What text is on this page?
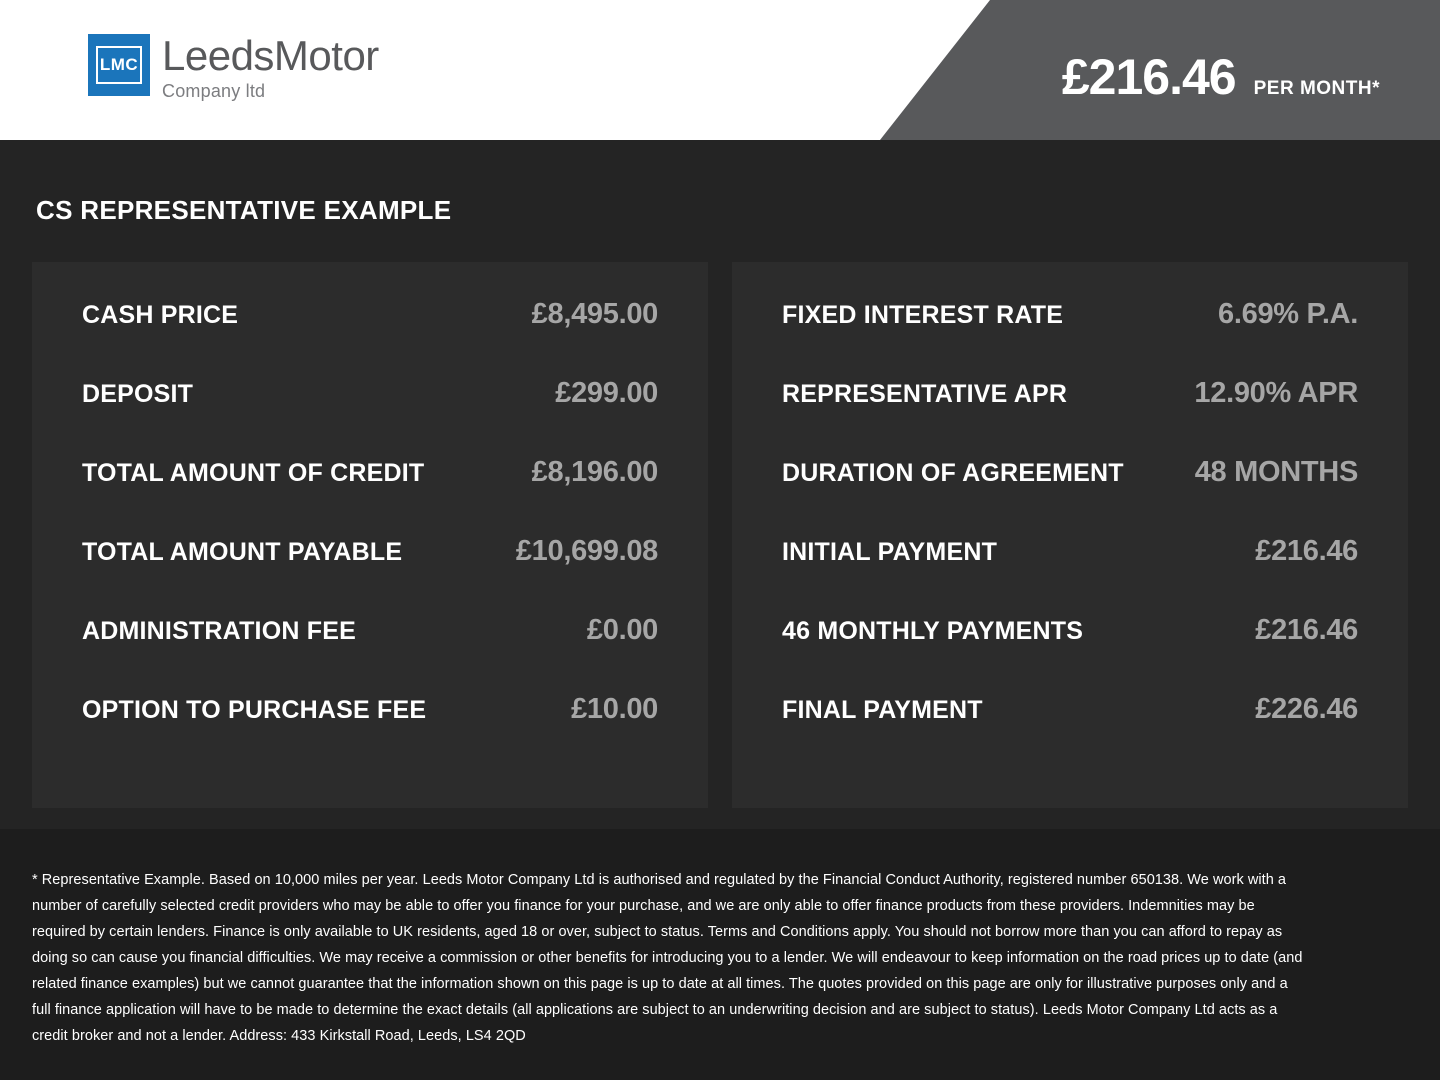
LMC LeedsMotor
Company ltd	£216.46 PER MONTH*
CS REPRESENTATIVE EXAMPLE
CASH PRICE	£8,495.00
DEPOSIT	£299.00
TOTAL AMOUNT OF CREDIT	£8,196.00
TOTAL AMOUNT PAYABLE	£10,699.08
ADMINISTRATION FEE	£0.00
OPTION TO PURCHASE FEE	£10.00
FIXED INTEREST RATE	6.69% P.A.
REPRESENTATIVE APR	12.90% APR
DURATION OF AGREEMENT 48 MONTHS
INITIAL PAYMENT	£216.46
46 MONTHLY PAYMENTS	£216.46
FINAL PAYMENT	£226.46

* Representative Example. Based on 10,000 miles per year. Leeds Motor Company Ltd is authorised and regulated by the Financial Conduct Authority, registered number 650138. We work with a number of carefully selected credit providers who may be able to offer you finance for your purchase, and we are only able to offer finance products from these providers. Indemnities may be required by certain lenders. Finance is only available to UK residents, aged 18 or over, subject to status. Terms and Conditions apply. You should not borrow more than you can afford to repay as doing so can cause you financial difficulties. We may receive a commission or other benefits for introducing you to a lender. We will endeavour to keep information on the road prices up to date (and related finance examples) but we cannot guarantee that the information shown on this page is up to date at all times. The quotes provided on this page are only for illustrative purposes only and a full finance application will have to be made to determine the exact details (all applications are subject to an underwriting decision and are subject to status). Leeds Motor Company Ltd acts as a credit broker and not a lender. Address: 433 Kirkstall Road, Leeds, LS4 2QD
